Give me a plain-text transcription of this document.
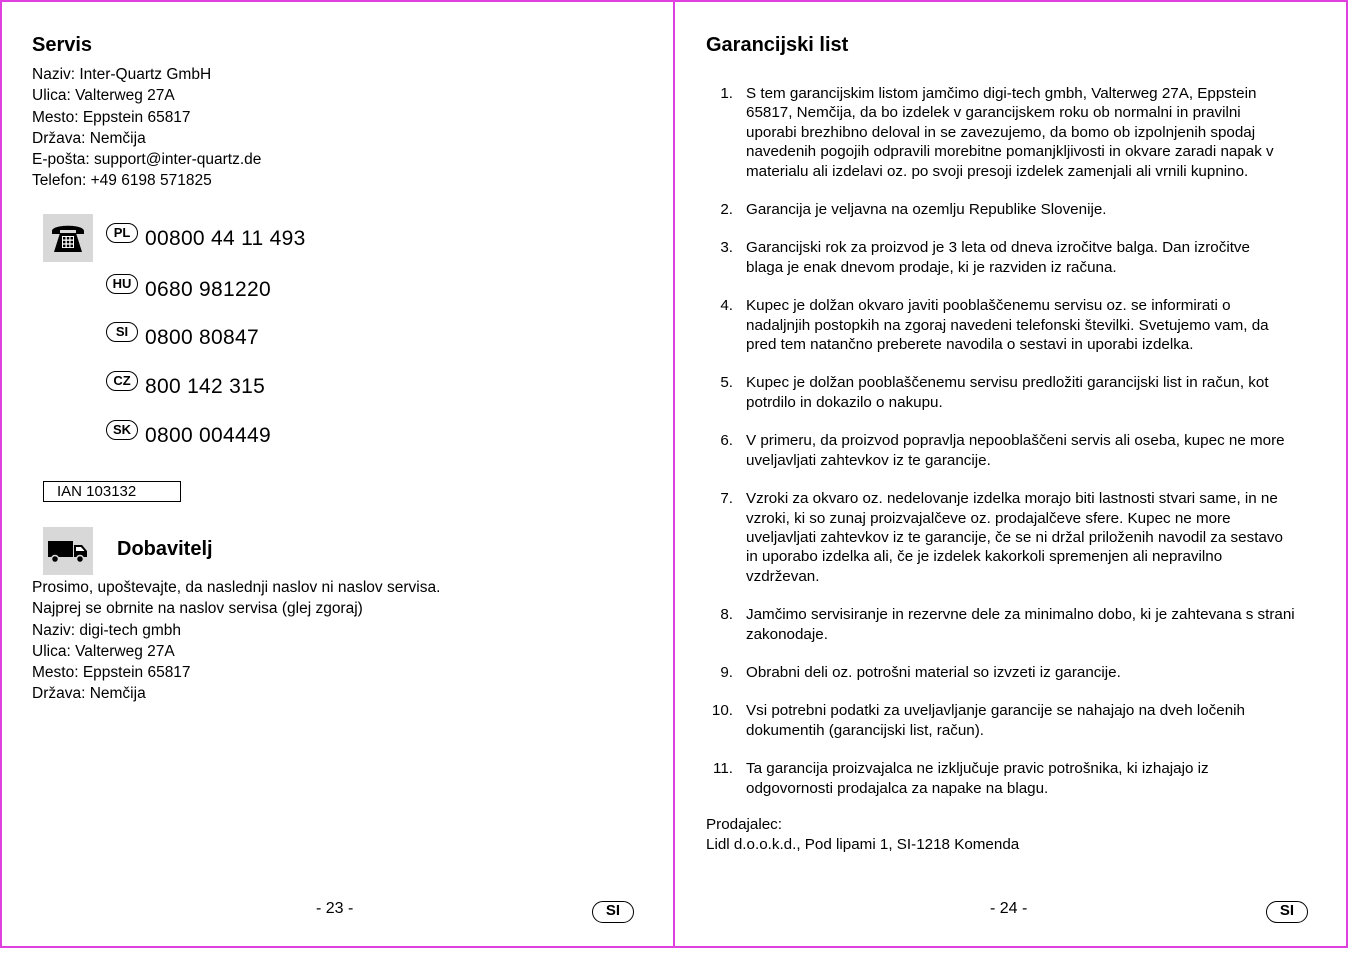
Servis
Naziv: Inter-Quartz GmbH
Ulica: Valterweg 27A
Mesto: Eppstein 65817
Država: Nemčija
E-pošta: support@inter-quartz.de
Telefon: +49 6198 571825
PL 00800 44 11 493
HU 0680 981220
SI 0800 80847
CZ 800 142 315
SK 0800 004449
IAN 103132
Dobavitelj
Prosimo, upoštevajte, da naslednji naslov ni naslov servisa.
Najprej se obrnite na naslov servisa (glej zgoraj)
Naziv: digi-tech gmbh
Ulica: Valterweg 27A
Mesto: Eppstein 65817
Država: Nemčija
- 23 -	SI
Garancijski list
1. S tem garancijskim listom jamčimo digi-tech gmbh, Valterweg 27A, Eppstein
65817, Nemčija, da bo izdelek v garancijskem roku ob normalni in pravilni
uporabi brezhibno deloval in se zavezujemo, da bomo ob izpolnjenih spodaj
navedenih pogojih odpravili morebitne pomanjkljivosti in okvare zaradi napak v
materialu ali izdelavi oz. po svoji presoji izdelek zamenjali ali vrnili kupnino.
2. Garancija je veljavna na ozemlju Republike Slovenije.
3. Garancijski rok za proizvod je 3 leta od dneva izročitve balga. Dan izročitve
blaga je enak dnevom prodaje, ki je razviden iz računa.
4. Kupec je dolžan okvaro javiti pooblaščenemu servisu oz. se informirati o
nadaljnjih postopkih na zgoraj navedeni telefonski številki. Svetujemo vam, da
pred tem natančno preberete navodila o sestavi in uporabi izdelka.
5. Kupec je dolžan pooblaščenemu servisu predložiti garancijski list in račun, kot
potrdilo in dokazilo o nakupu.
6. V primeru, da proizvod popravlja nepooblaščeni servis ali oseba, kupec ne more
uveljavljati zahtevkov iz te garancije.
7. Vzroki za okvaro oz. nedelovanje izdelka morajo biti lastnosti stvari same, in ne
vzroki, ki so zunaj proizvajalčeve oz. prodajalčeve sfere. Kupec ne more
uveljavljati zahtevkov iz te garancije, če se ni držal priloženih navodil za sestavo
in uporabo izdelka ali, če je izdelek kakorkoli spremenjen ali nepravilno
vzdrževan.
8. Jamčimo servisiranje in rezervne dele za minimalno dobo, ki je zahtevana s strani
zakonodaje.
9. Obrabni deli oz. potrošni material so izvzeti iz garancije.
10. Vsi potrebni podatki za uveljavljanje garancije se nahajajo na dveh ločenih
dokumentih (garancijski list, račun).
11. Ta garancija proizvajalca ne izključuje pravic potrošnika, ki izhajajo iz
odgovornosti prodajalca za napake na blagu.
Prodajalec:
Lidl d.o.o.k.d., Pod lipami 1, SI-1218 Komenda
- 24 -	SI
